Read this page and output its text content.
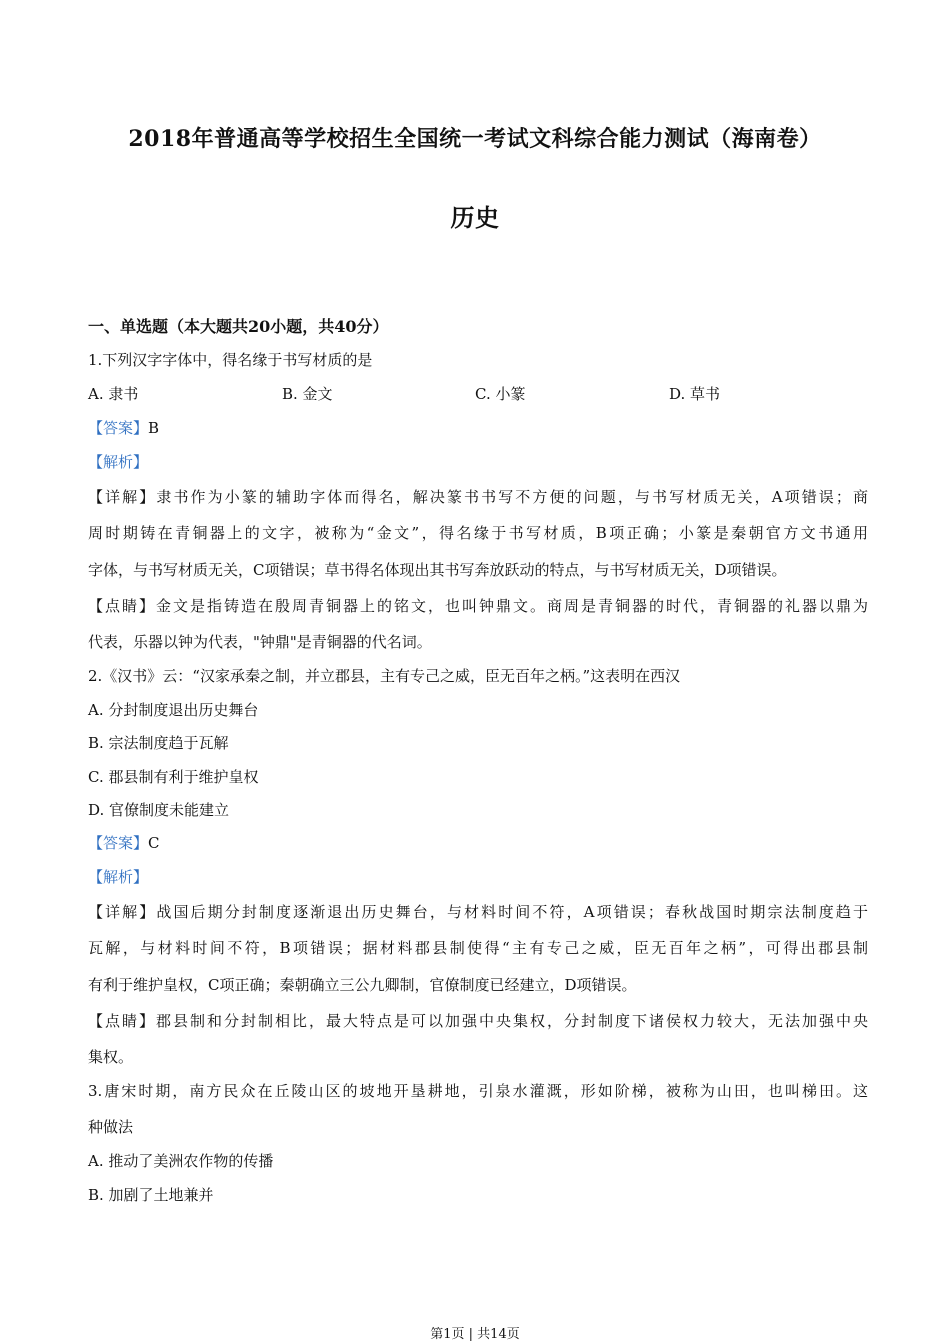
2018年普通高等学校招生全国统一考试文科综合能力测试（海南卷）
历史
一、单选题（本大题共20小题，共40分）
1.下列汉字字体中，得名缘于书写材质的是
A. 隶书	B. 金文	C. 小篆	D. 草书
【答案】B
【解析】
【详解】隶书作为小篆的辅助字体而得名，解决篆书书写不方便的问题，与书写材质无关，A项错误；商
周时期铸在青铜器上的文字，被称为“金文”，得名缘于书写材质，B项正确；小篆是秦朝官方文书通用
字体，与书写材质无关，C项错误；草书得名体现出其书写奔放跃动的特点，与书写材质无关，D项错误。
【点睛】金文是指铸造在殷周青铜器上的铭文，也叫钟鼎文。商周是青铜器的时代，青铜器的礼器以鼎为
代表，乐器以钟为代表，"钟鼎"是青铜器的代名词。
2.《汉书》云：“汉家承秦之制，并立郡县，主有专己之威，臣无百年之柄。”这表明在西汉
A. 分封制度退出历史舞台
B. 宗法制度趋于瓦解
C. 郡县制有利于维护皇权
D. 官僚制度未能建立
【答案】C
【解析】
【详解】战国后期分封制度逐渐退出历史舞台，与材料时间不符，A项错误；春秋战国时期宗法制度趋于
瓦解，与材料时间不符，B项错误；据材料郡县制使得“主有专己之威，臣无百年之柄”，可得出郡县制
有利于维护皇权，C项正确；秦朝确立三公九卿制，官僚制度已经建立，D项错误。
【点睛】郡县制和分封制相比，最大特点是可以加强中央集权，分封制度下诸侯权力较大，无法加强中央
集权。
3.唐宋时期，南方民众在丘陵山区的坡地开垦耕地，引泉水灌溉，形如阶梯，被称为山田，也叫梯田。这
种做法
A. 推动了美洲农作物的传播
B. 加剧了土地兼并
第1页 | 共14页
